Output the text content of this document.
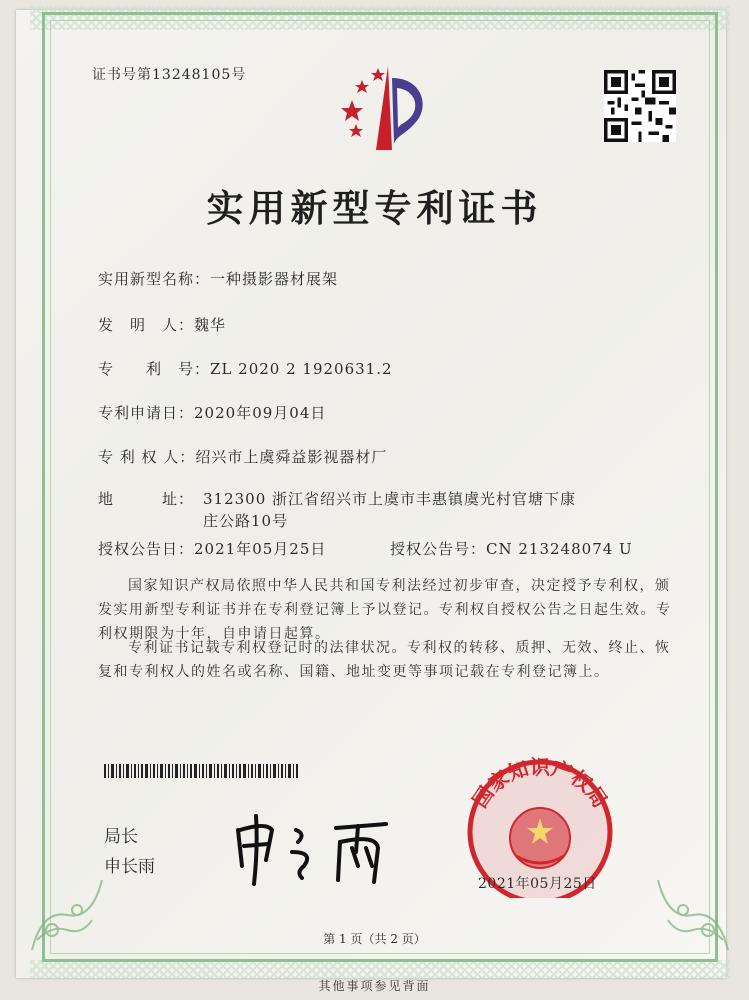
证书号第13248105号
实用新型专利证书
实用新型名称：一种摄影器材展架
发　明　人：魏华
专　　利　号：ZL 2020 2 1920631.2
专利申请日：2020年09月04日
专 利 权 人：绍兴市上虞舜益影视器材厂
地　　　址： 312300 浙江省绍兴市上虞市丰惠镇虞光村官塘下康庄公路10号
授权公告日：2021年05月25日	授权公告号：CN 213248074 U
国家知识产权局依照中华人民共和国专利法经过初步审查，决定授予专利权，颁发实用新型专利证书并在专利登记簿上予以登记。专利权自授权公告之日起生效。专利权期限为十年，自申请日起算。
专利证书记载专利权登记时的法律状况。专利权的转移、质押、无效、终止、恢复和专利权人的姓名或名称、国籍、地址变更等事项记载在专利登记簿上。
局长
申长雨
国家知识产权局
2021年05月25日
第 1 页（共 2 页）
其他事项参见背面
